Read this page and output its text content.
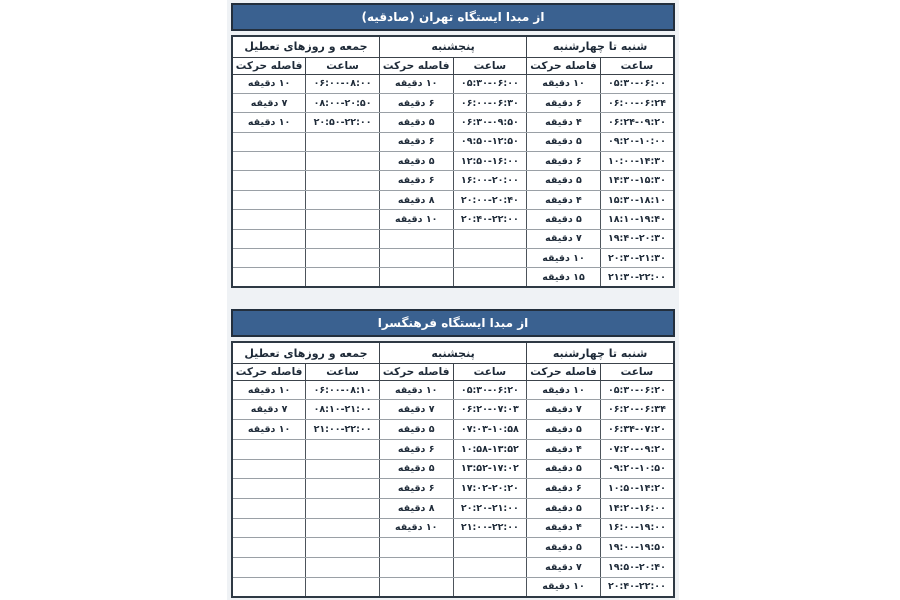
از مبدا ایستگاه تهران (صادقیه)
شنبه تا چهارشنبه		پنجشنبه		جمعه و روزهای تعطیل	
ساعت	فاصله حرکت	ساعت	فاصله حرکت	ساعت	فاصله حرکت
۰۵:۳۰-۰۶:۰۰	۱۰ دقیقه	۰۵:۳۰-۰۶:۰۰	۱۰ دقیقه	۰۶:۰۰-۰۸:۰۰	۱۰ دقیقه
۰۶:۰۰-۰۶:۲۴	۶ دقیقه	۰۶:۰۰-۰۶:۳۰	۶ دقیقه	۰۸:۰۰-۲۰:۵۰	۷ دقیقه
۰۶:۲۴-۰۹:۲۰	۴ دقیقه	۰۶:۳۰-۰۹:۵۰	۵ دقیقه	۲۰:۵۰-۲۲:۰۰	۱۰ دقیقه
۰۹:۲۰-۱۰:۰۰	۵ دقیقه	۰۹:۵۰-۱۲:۵۰	۶ دقیقه		
۱۰:۰۰-۱۴:۳۰	۶ دقیقه	۱۲:۵۰-۱۶:۰۰	۵ دقیقه		
۱۴:۳۰-۱۵:۳۰	۵ دقیقه	۱۶:۰۰-۲۰:۰۰	۶ دقیقه		
۱۵:۳۰-۱۸:۱۰	۴ دقیقه	۲۰:۰۰-۲۰:۴۰	۸ دقیقه		
۱۸:۱۰-۱۹:۴۰	۵ دقیقه	۲۰:۴۰-۲۲:۰۰	۱۰ دقیقه		
۱۹:۴۰-۲۰:۳۰	۷ دقیقه				
۲۰:۳۰-۲۱:۳۰	۱۰ دقیقه				
۲۱:۳۰-۲۲:۰۰	۱۵ دقیقه				
از مبدا ایستگاه فرهنگسرا
شنبه تا چهارشنبه		پنجشنبه		جمعه و روزهای تعطیل	
ساعت	فاصله حرکت	ساعت	فاصله حرکت	ساعت	فاصله حرکت
۰۵:۳۰-۰۶:۲۰	۱۰ دقیقه	۰۵:۳۰-۰۶:۲۰	۱۰ دقیقه	۰۶:۰۰-۰۸:۱۰	۱۰ دقیقه
۰۶:۲۰-۰۶:۳۴	۷ دقیقه	۰۶:۲۰-۰۷:۰۳	۷ دقیقه	۰۸:۱۰-۲۱:۰۰	۷ دقیقه
۰۶:۳۴-۰۷:۲۰	۵ دقیقه	۰۷:۰۳-۱۰:۵۸	۵ دقیقه	۲۱:۰۰-۲۲:۰۰	۱۰ دقیقه
۰۷:۲۰-۰۹:۲۰	۴ دقیقه	۱۰:۵۸-۱۳:۵۲	۶ دقیقه		
۰۹:۲۰-۱۰:۵۰	۵ دقیقه	۱۳:۵۲-۱۷:۰۲	۵ دقیقه		
۱۰:۵۰-۱۴:۲۰	۶ دقیقه	۱۷:۰۲-۲۰:۲۰	۶ دقیقه		
۱۴:۲۰-۱۶:۰۰	۵ دقیقه	۲۰:۲۰-۲۱:۰۰	۸ دقیقه		
۱۶:۰۰-۱۹:۰۰	۴ دقیقه	۲۱:۰۰-۲۲:۰۰	۱۰ دقیقه		
۱۹:۰۰-۱۹:۵۰	۵ دقیقه				
۱۹:۵۰-۲۰:۴۰	۷ دقیقه				
۲۰:۴۰-۲۲:۰۰	۱۰ دقیقه				
